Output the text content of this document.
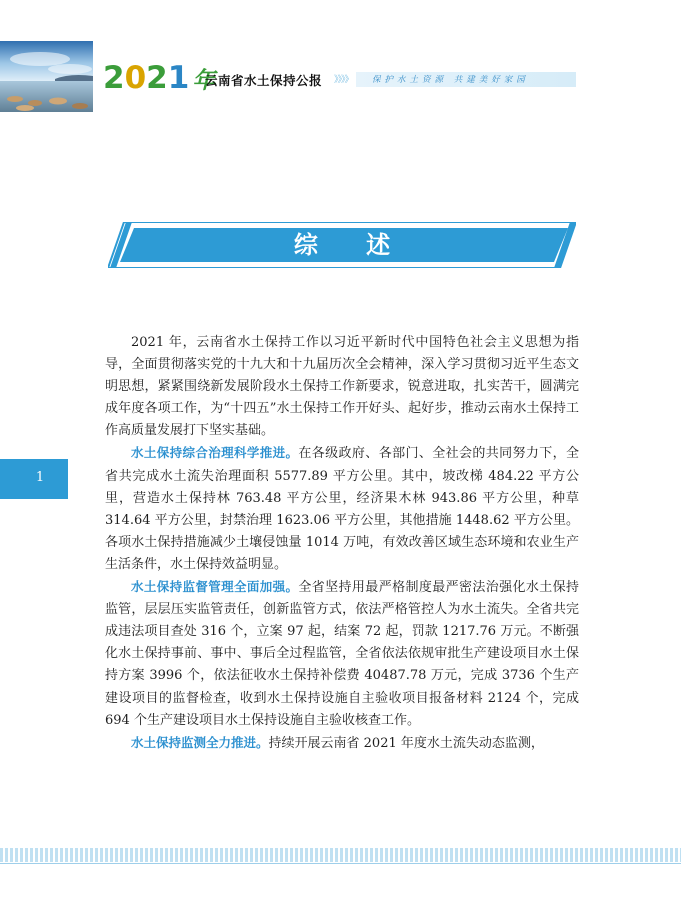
2 0 2 1 年
云南省水土保持公报 》》》》 保护水土资源 共建美好家园
综 述
1

2021 年，云南省水土保持工作以习近平新时代中国特色社会主义思想为指导，全面贯彻落实党的十九大和十九届历次全会精神，深入学习贯彻习近平生态文明思想，紧紧围绕新发展阶段水土保持工作新要求，锐意进取，扎实苦干，圆满完成年度各项工作，为“十四五”水土保持工作开好头、起好步，推动云南水土保持工作高质量发展打下坚实基础。

水土保持综合治理科学推进。在各级政府、各部门、全社会的共同努力下，全省共完成水土流失治理面积 5577.89 平方公里。其中，坡改梯 484.22 平方公里，营造水土保持林 763.48 平方公里，经济果木林 943.86 平方公里，种草 314.64 平方公里，封禁治理 1623.06 平方公里，其他措施 1448.62 平方公里。各项水土保持措施减少土壤侵蚀量 1014 万吨，有效改善区域生态环境和农业生产生活条件，水土保持效益明显。

水土保持监督管理全面加强。全省坚持用最严格制度最严密法治强化水土保持监管，层层压实监管责任，创新监管方式，依法严格管控人为水土流失。全省共完成违法项目查处 316 个，立案 97 起，结案 72 起，罚款 1217.76 万元。不断强化水土保持事前、事中、事后全过程监管，全省依法依规审批生产建设项目水土保持方案 3996 个，依法征收水土保持补偿费 40487.78 万元，完成 3736 个生产建设项目的监督检查，收到水土保持设施自主验收项目报备材料 2124 个，完成 694 个生产建设项目水土保持设施自主验收核查工作。

水土保持监测全力推进。持续开展云南省 2021 年度水土流失动态监测，
